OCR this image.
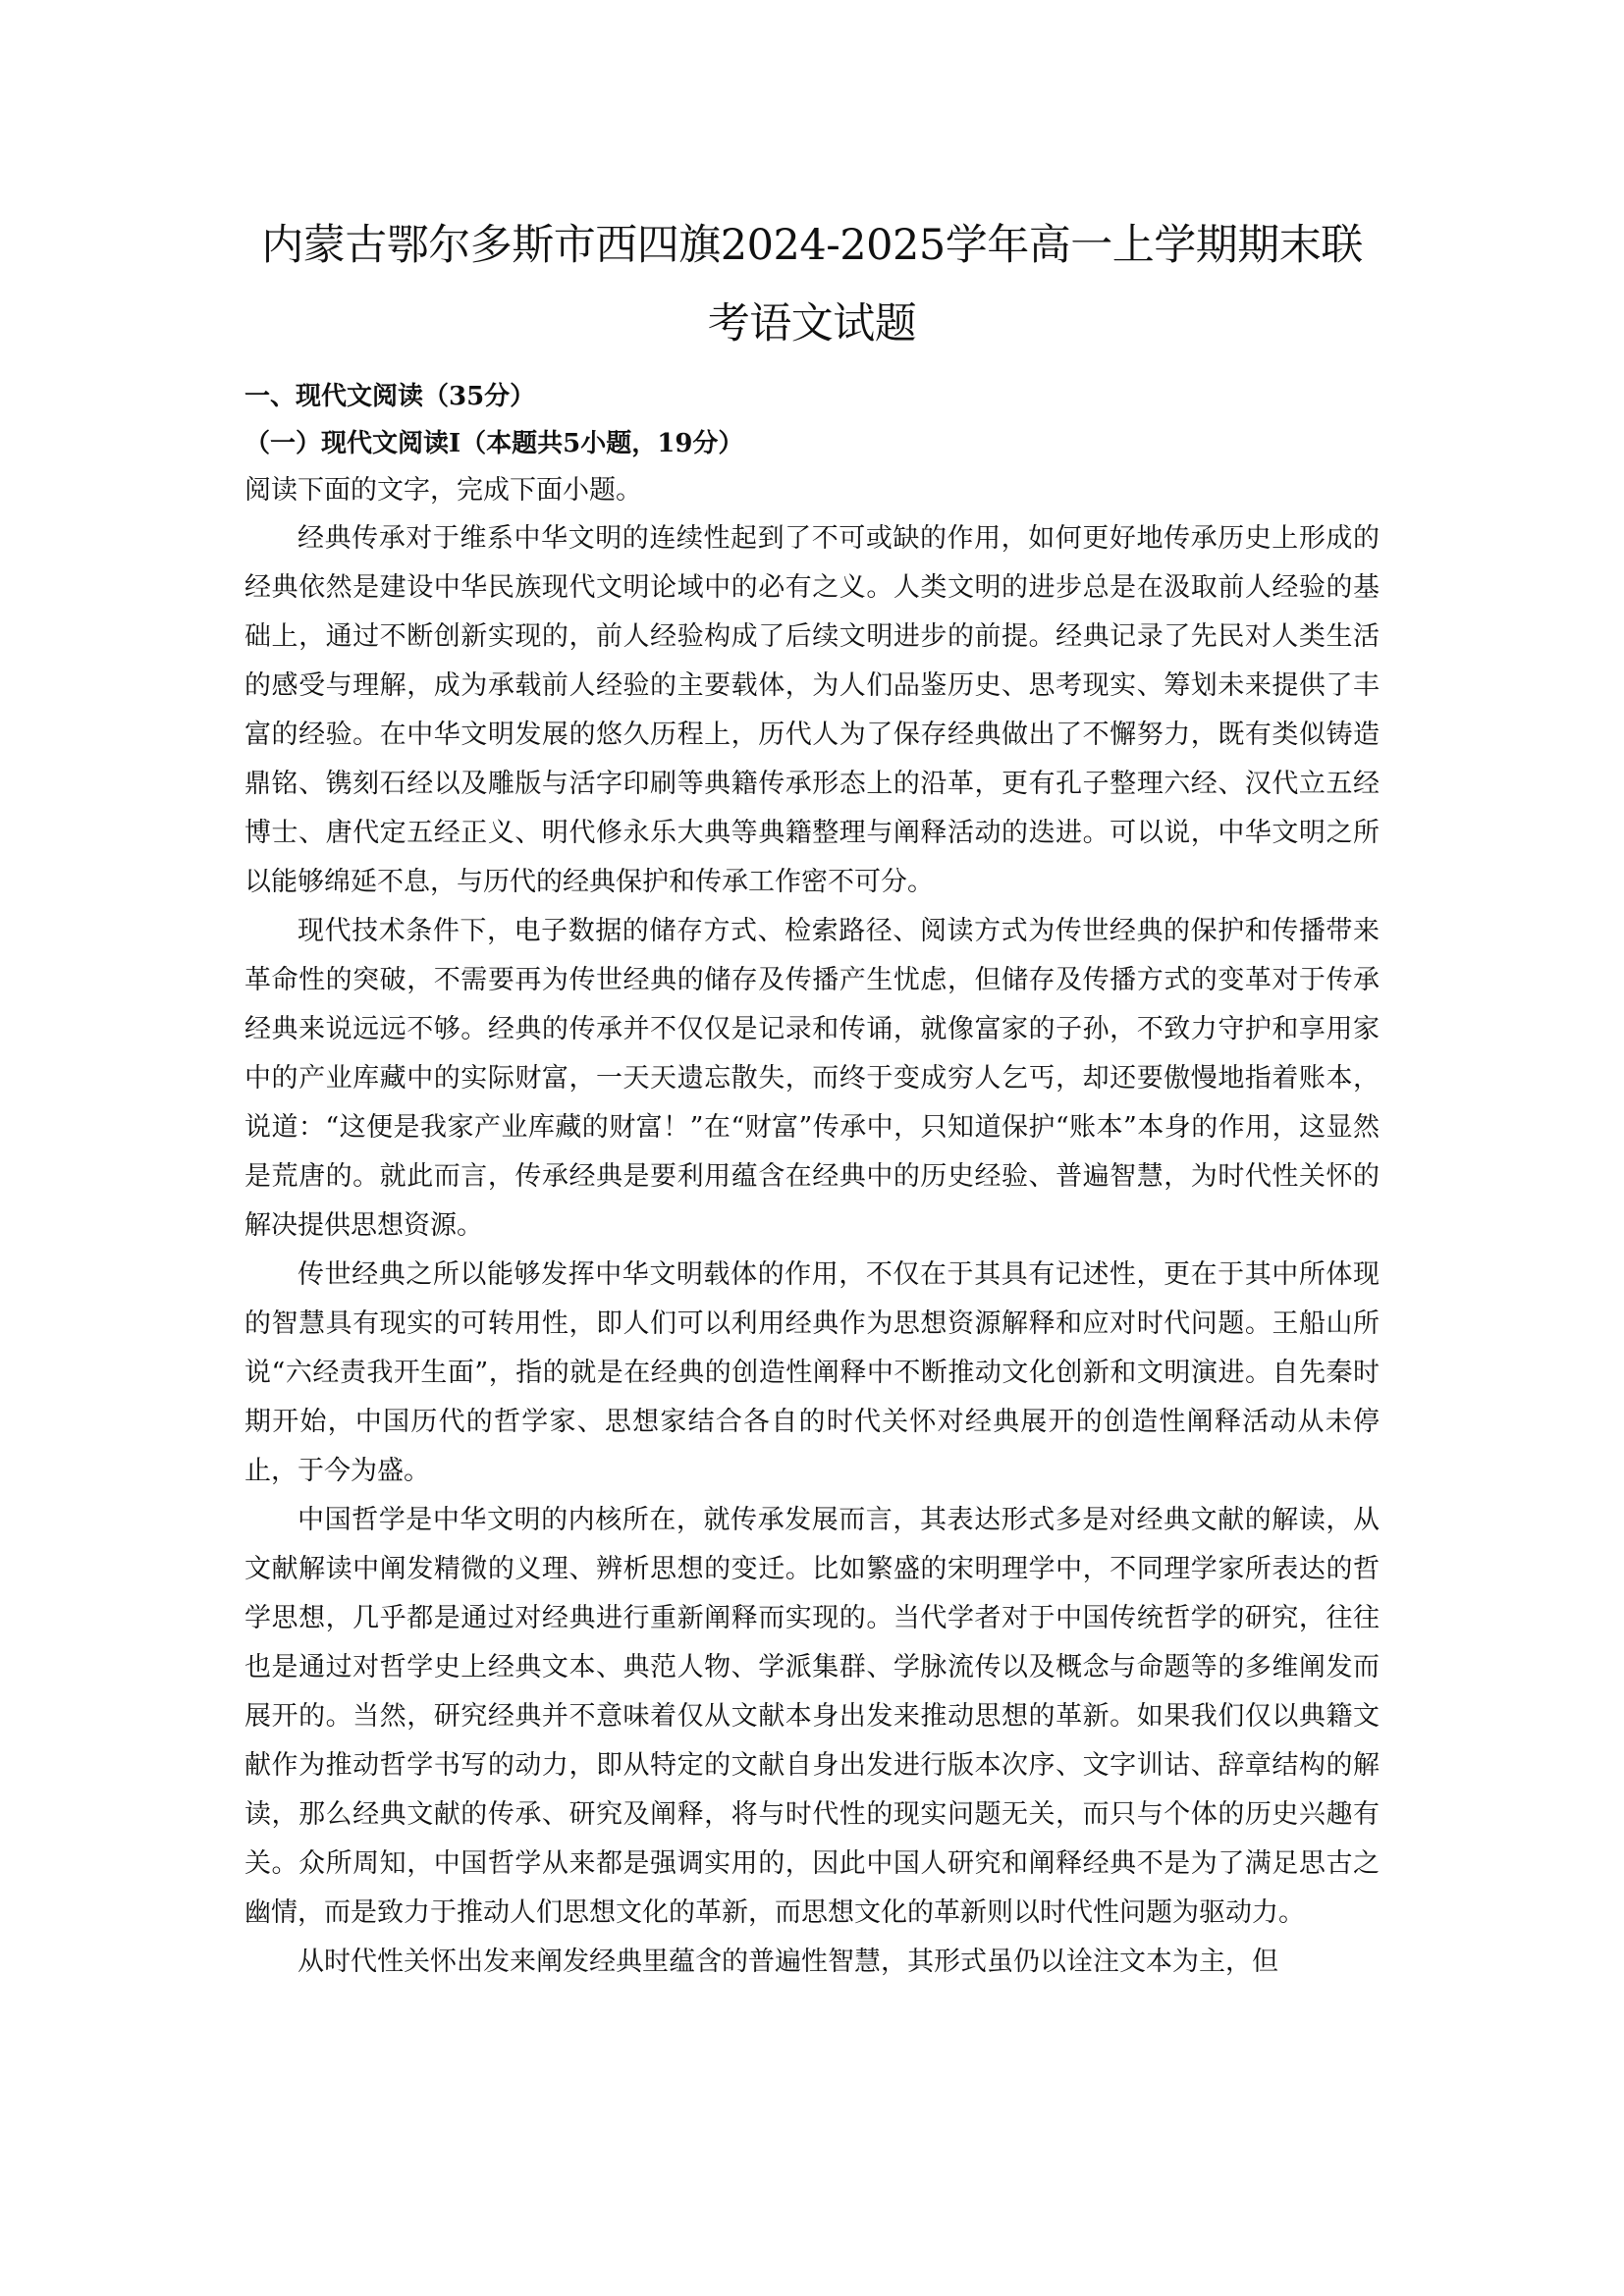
内蒙古鄂尔多斯市西四旗2024-2025学年高一上学期期末联考语文试题
一、现代文阅读（35分）
（一）现代文阅读Ⅰ（本题共5小题，19分）
阅读下面的文字，完成下面小题。

经典传承对于维系中华文明的连续性起到了不可或缺的作用，如何更好地传承历史上形成的经典依然是建设中华民族现代文明论域中的必有之义。人类文明的进步总是在汲取前人经验的基础上，通过不断创新实现的，前人经验构成了后续文明进步的前提。经典记录了先民对人类生活的感受与理解，成为承载前人经验的主要载体，为人们品鉴历史、思考现实、筹划未来提供了丰富的经验。在中华文明发展的悠久历程上，历代人为了保存经典做出了不懈努力，既有类似铸造鼎铭、镌刻石经以及雕版与活字印刷等典籍传承形态上的沿革，更有孔子整理六经、汉代立五经博士、唐代定五经正义、明代修永乐大典等典籍整理与阐释活动的迭进。可以说，中华文明之所以能够绵延不息，与历代的经典保护和传承工作密不可分。

现代技术条件下，电子数据的储存方式、检索路径、阅读方式为传世经典的保护和传播带来革命性的突破，不需要再为传世经典的储存及传播产生忧虑，但储存及传播方式的变革对于传承经典来说远远不够。经典的传承并不仅仅是记录和传诵，就像富家的子孙，不致力守护和享用家中的产业库藏中的实际财富，一天天遗忘散失，而终于变成穷人乞丐，却还要傲慢地指着账本，说道：“这便是我家产业库藏的财富！”在“财富”传承中，只知道保护“账本”本身的作用，这显然是荒唐的。就此而言，传承经典是要利用蕴含在经典中的历史经验、普遍智慧，为时代性关怀的解决提供思想资源。

传世经典之所以能够发挥中华文明载体的作用，不仅在于其具有记述性，更在于其中所体现的智慧具有现实的可转用性，即人们可以利用经典作为思想资源解释和应对时代问题。王船山所说“六经责我开生面”，指的就是在经典的创造性阐释中不断推动文化创新和文明演进。自先秦时期开始，中国历代的哲学家、思想家结合各自的时代关怀对经典展开的创造性阐释活动从未停止，于今为盛。

中国哲学是中华文明的内核所在，就传承发展而言，其表达形式多是对经典文献的解读，从文献解读中阐发精微的义理、辨析思想的变迁。比如繁盛的宋明理学中，不同理学家所表达的哲学思想，几乎都是通过对经典进行重新阐释而实现的。当代学者对于中国传统哲学的研究，往往也是通过对哲学史上经典文本、典范人物、学派集群、学脉流传以及概念与命题等的多维阐发而展开的。当然，研究经典并不意味着仅从文献本身出发来推动思想的革新。如果我们仅以典籍文献作为推动哲学书写的动力，即从特定的文献自身出发进行版本次序、文字训诂、辞章结构的解读，那么经典文献的传承、研究及阐释，将与时代性的现实问题无关，而只与个体的历史兴趣有关。众所周知，中国哲学从来都是强调实用的，因此中国人研究和阐释经典不是为了满足思古之幽情，而是致力于推动人们思想文化的革新，而思想文化的革新则以时代性问题为驱动力。

从时代性关怀出发来阐发经典里蕴含的普遍性智慧，其形式虽仍以诠注文本为主，但
